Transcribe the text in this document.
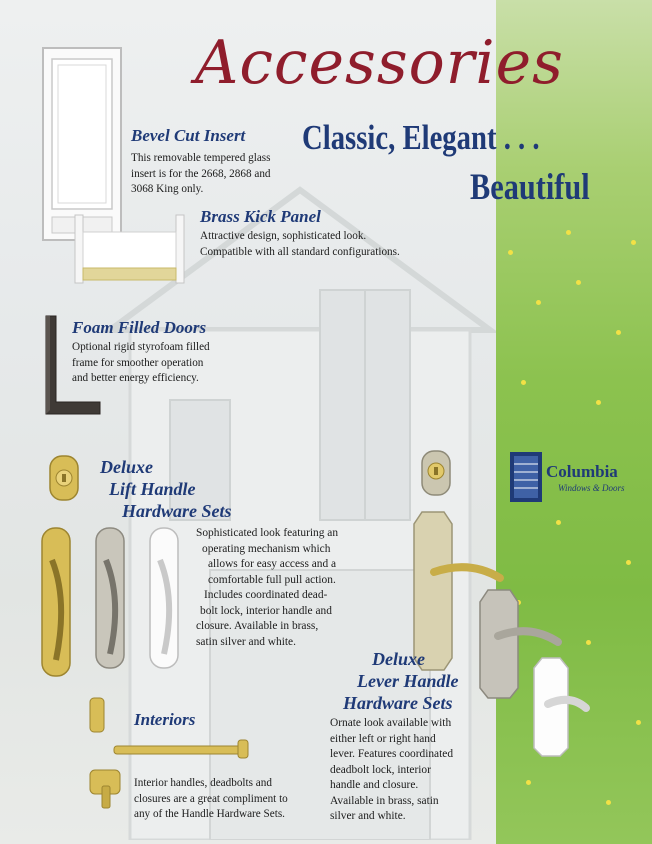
Accessories
Classic, Elegant . . .
Beautiful
Bevel Cut Insert
This removable tempered glass
insert is for the 2668, 2868 and
3068 King only.
Brass Kick Panel
Attractive design, sophisticated look.
Compatible with all standard configurations.
Foam Filled Doors
Optional rigid styrofoam filled
frame for smoother operation
and better energy efficiency.
Deluxe
Lift Handle
Hardware Sets
Sophisticated look featuring an
operating mechanism which
allows for easy access and a
comfortable full pull action.
Includes coordinated dead-
bolt lock, interior handle and
closure. Available in brass,
satin silver and white.
Deluxe
Lever Handle
Hardware Sets
Ornate look available with
either left or right hand
lever. Features coordinated
deadbolt lock, interior
handle and closure.
Available in brass, satin
silver and white.
Interiors
Interior handles, deadbolts and
closures are a great compliment to
any of the Handle Hardware Sets.
Columbia
Windows & Doors
